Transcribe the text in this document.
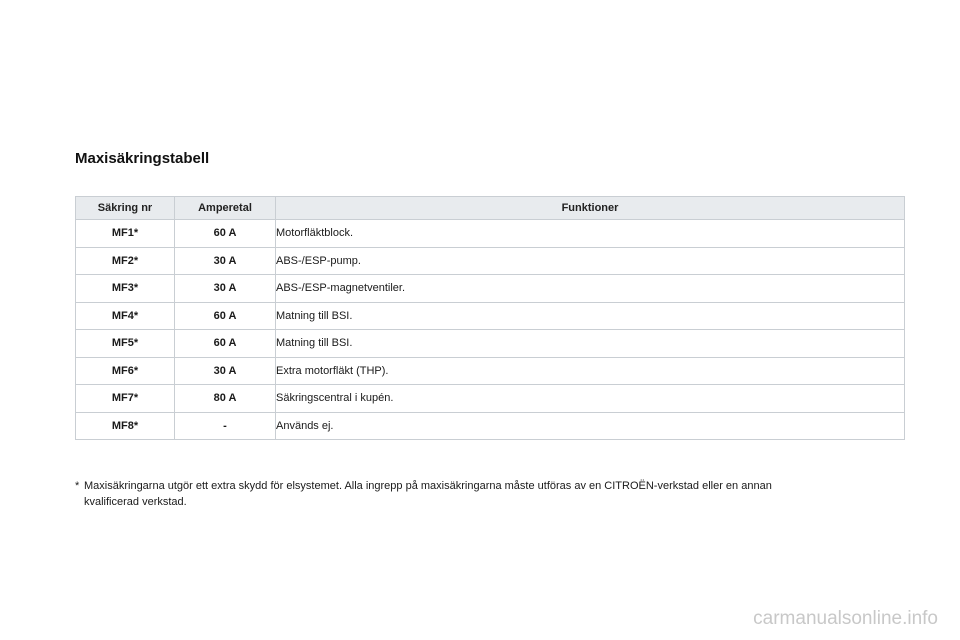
Maxisäkringstabell
Säkring nr	Amperetal	Funktioner
MF1*	60 A	Motorfläktblock.
MF2*	30 A	ABS-/ESP-pump.
MF3*	30 A	ABS-/ESP-magnetventiler.
MF4*	60 A	Matning till BSI.
MF5*	60 A	Matning till BSI.
MF6*	30 A	Extra motorfläkt (THP).
MF7*	80 A	Säkringscentral i kupén.
MF8*	-	Används ej.
* Maxisäkringarna utgör ett extra skydd för elsystemet. Alla ingrepp på maxisäkringarna måste utföras av en CITROËN-verkstad eller en annan
kvalificerad verkstad.
carmanualsonline.info
